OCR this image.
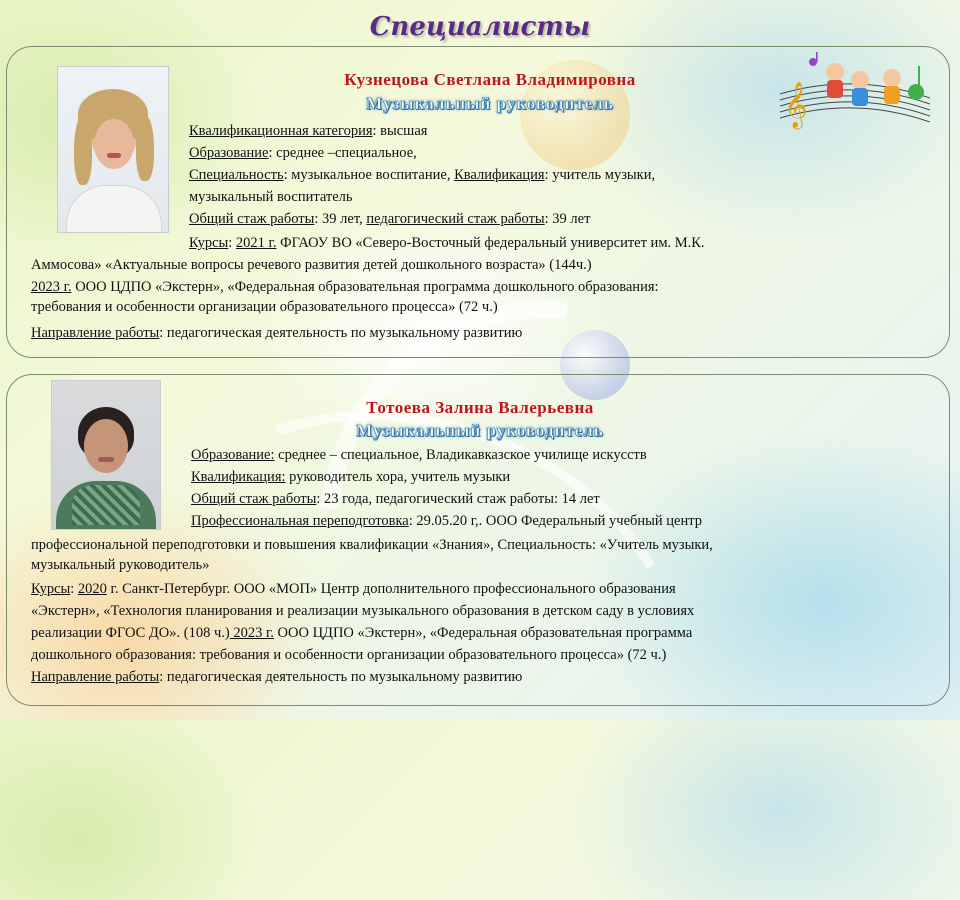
Специалисты
𝄞
Кузнецова Светлана Владимировна
Музыкальный руководитель
Квалификационная категория: высшая
Образование: среднее –специальное,
Специальность: музыкальное воспитание, Квалификация: учитель музыки,
музыкальный воспитатель
Общий стаж работы: 39 лет, педагогический стаж работы: 39 лет
Курсы: 2021 г. ФГАОУ ВО «Северо-Восточный федеральный университет им. М.К.
Аммосова» «Актуальные вопросы речевого развития детей дошкольного возраста» (144ч.)
2023 г. ООО ЦДПО «Экстерн», «Федеральная образовательная программа дошкольного образования:
требования и особенности организации образовательного процесса» (72 ч.)
Направление работы: педагогическая деятельность по музыкальному развитию
Тотоева Залина Валерьевна
Музыкальный руководитель
Образование: среднее – специальное, Владикавказское училище искусств
Квалификация: руководитель хора, учитель музыки
Общий стаж работы: 23 года, педагогический стаж работы: 14 лет
Профессиональная переподготовка: 29.05.20 г,. ООО Федеральный учебный центр
профессиональной переподготовки и повышения квалификации «Знания», Специальность: «Учитель музыки,
музыкальный руководитель»
Курсы: 2020 г. Санкт-Петербург. ООО «МОП» Центр дополнительного профессионального образования
«Экстерн», «Технология планирования и реализации музыкального образования в детском саду в условиях
реализации ФГОС ДО». (108 ч.) 2023 г. ООО ЦДПО «Экстерн», «Федеральная образовательная программа
дошкольного образования: требования и особенности организации образовательного процесса» (72 ч.)
Направление работы: педагогическая деятельность по музыкальному развитию
